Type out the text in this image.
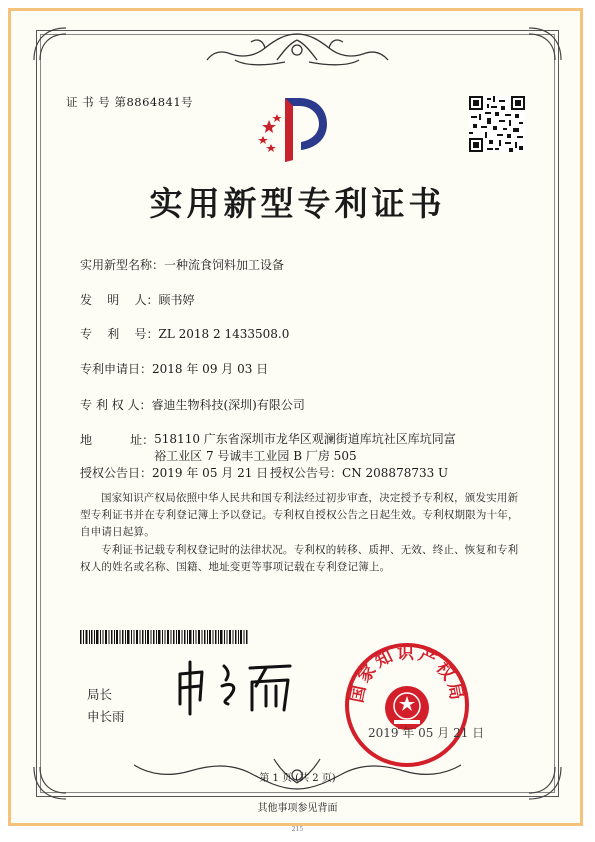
证 书 号 第8864841号
实用新型专利证书
实用新型名称：一种流食饲料加工设备
发    明    人：顾书婷
专    利    号：ZL 2018 2 1433508.0
专利申请日：2018 年 09 月 03 日
专 利 权 人：睿迪生物科技(深圳)有限公司
地          址： 518110 广东省深圳市龙华区观澜街道库坑社区库坑同富
裕工业区 7 号诚丰工业园 B 厂房 505
授权公告日：2019 年 05 月 21 日 授权公告号：CN 208878733 U
国家知识产权局依照中华人民共和国专利法经过初步审查，决定授予专利权，颁发实用新型专利证书并在专利登记簿上予以登记。专利权自授权公告之日起生效。专利权期限为十年，自申请日起算。
专利证书记载专利权登记时的法律状况。专利权的转移、质押、无效、终止、恢复和专利权人的姓名或名称、国籍、地址变更等事项记载在专利登记簿上。
局长
申长雨
国家知识产权局
2019 年 05 月 21 日
第 1 页 (共 2 页)
其他事项参见背面
215
